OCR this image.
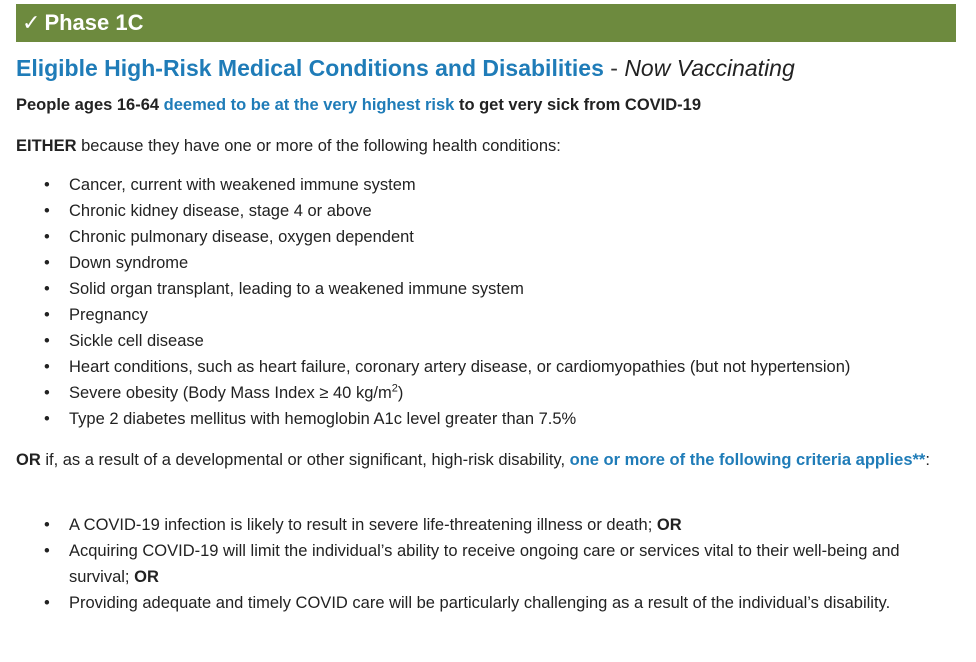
✓ Phase 1C
Eligible High-Risk Medical Conditions and Disabilities - Now Vaccinating
People ages 16-64 deemed to be at the very highest risk to get very sick from COVID-19
EITHER because they have one or more of the following health conditions:
• Cancer, current with weakened immune system
• Chronic kidney disease, stage 4 or above
• Chronic pulmonary disease, oxygen dependent
• Down syndrome
• Solid organ transplant, leading to a weakened immune system
• Pregnancy
• Sickle cell disease
• Heart conditions, such as heart failure, coronary artery disease, or cardiomyopathies (but not hypertension)
• Severe obesity (Body Mass Index ≥ 40 $kg/m^2$)
• Type 2 diabetes mellitus with hemoglobin A1c level greater than 7.5%
OR if, as a result of a developmental or other significant, high-risk disability, one or more of the following criteria applies**:
• A COVID-19 infection is likely to result in severe life-threatening illness or death; OR
• Acquiring COVID-19 will limit the individual’s ability to receive ongoing care or services vital to their well-being and survival; OR
• Providing adequate and timely COVID care will be particularly challenging as a result of the individual’s disability.
